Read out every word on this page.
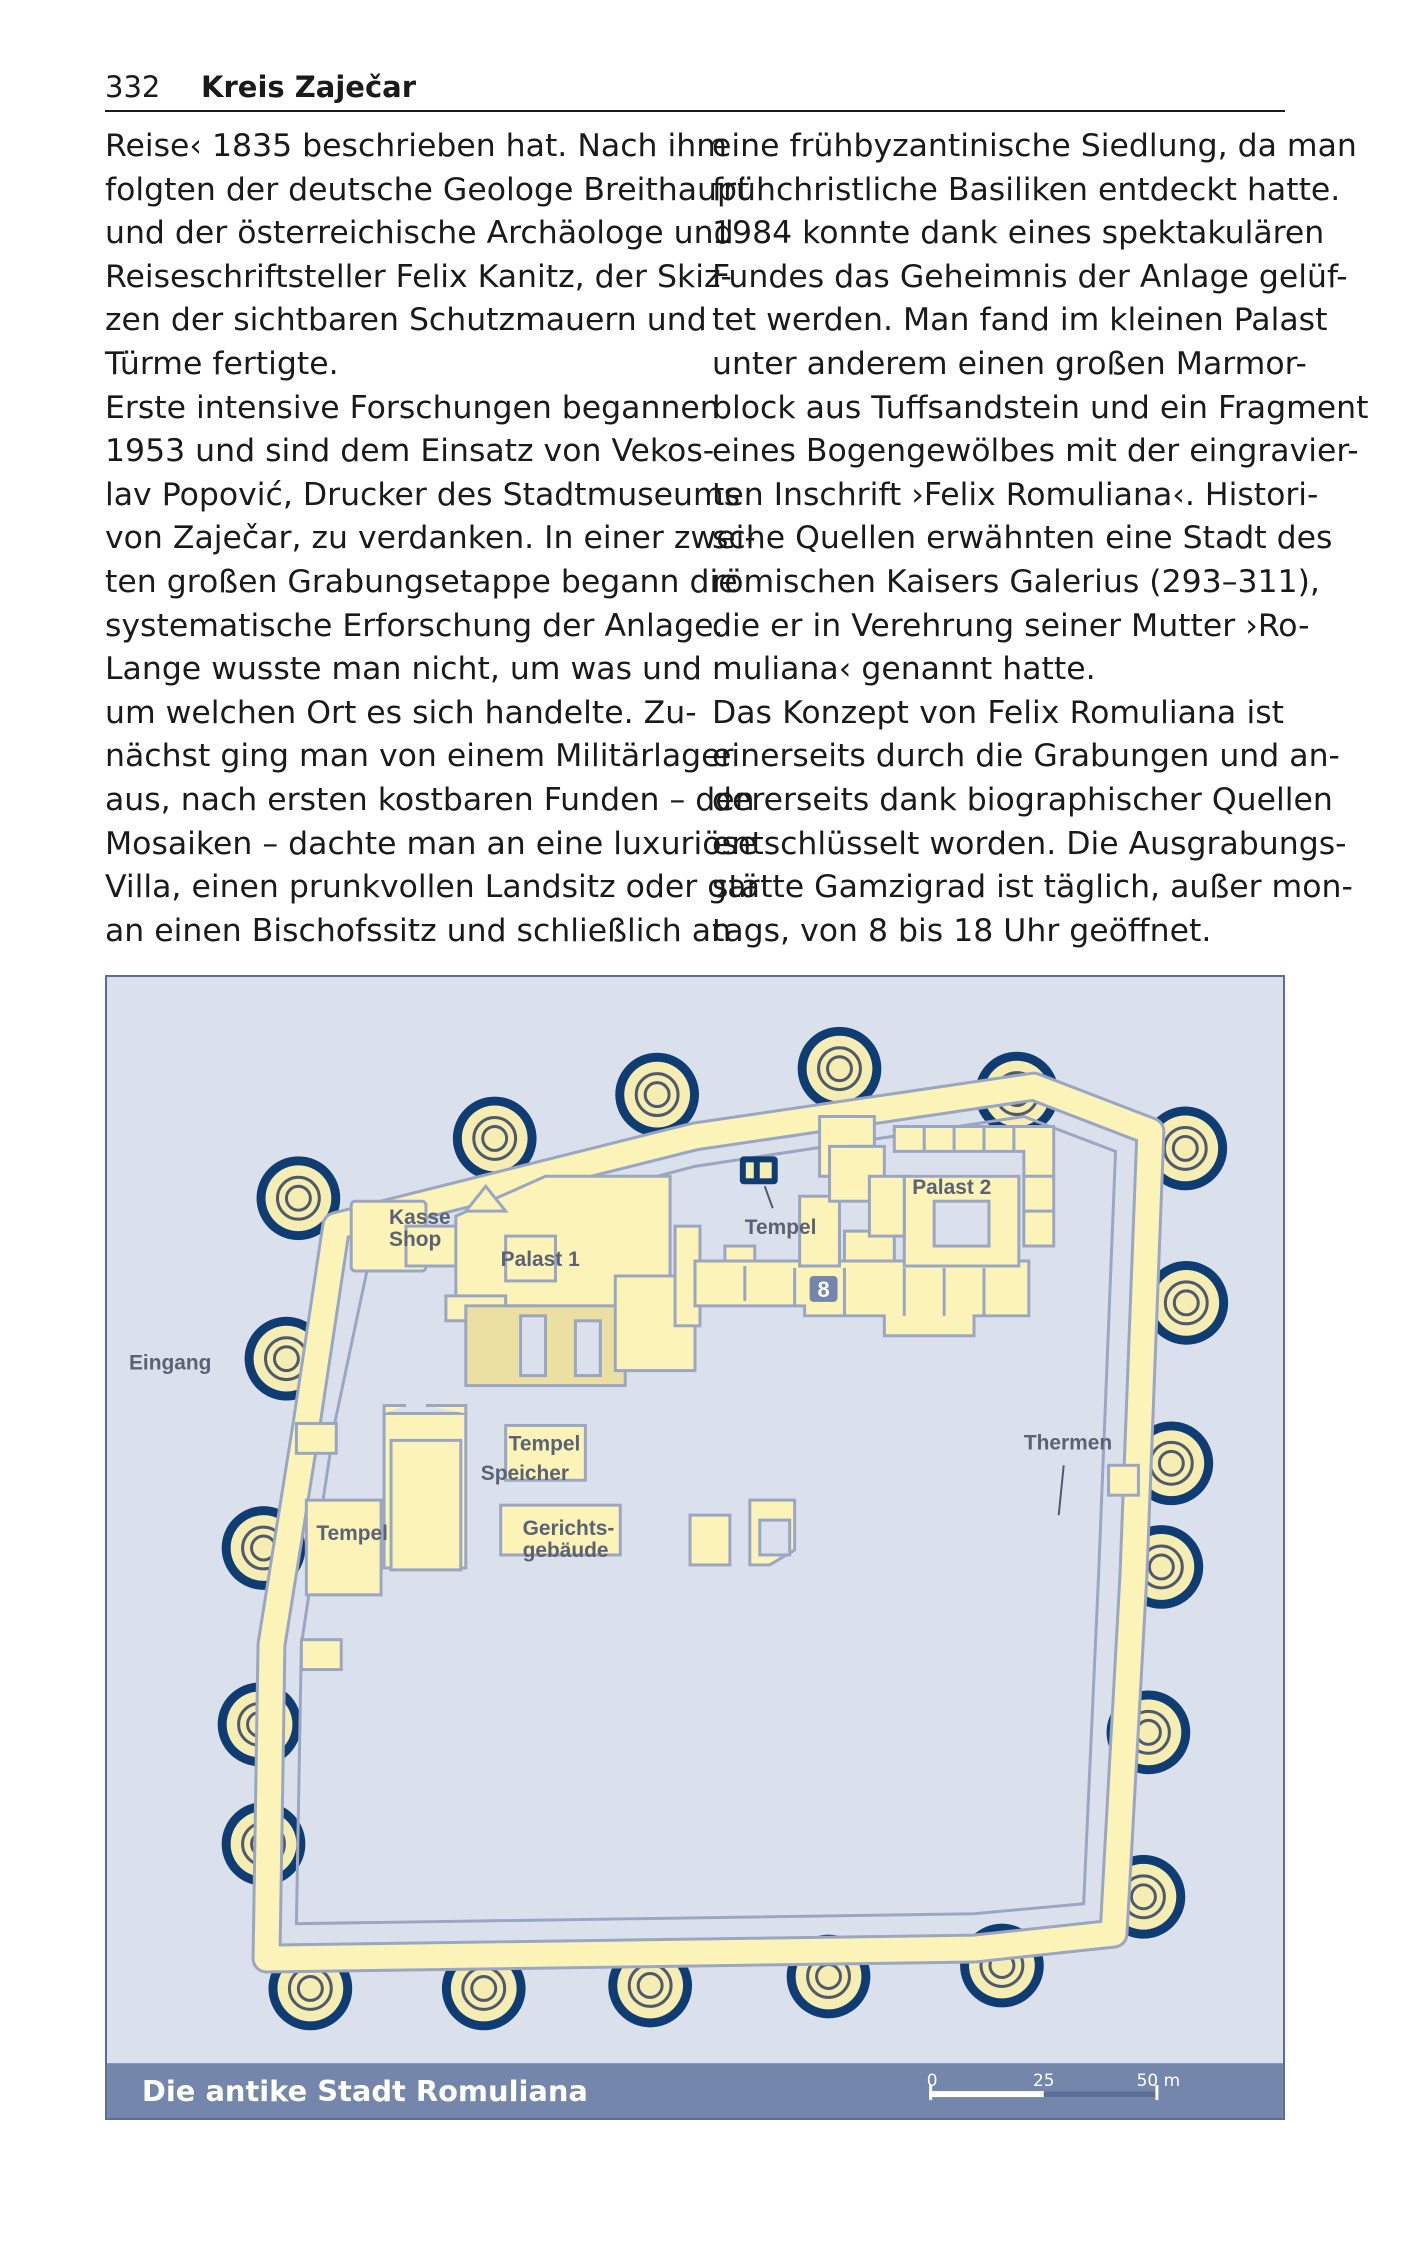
332 Kreis Zaječar
Reise‹ 1835 beschrieben hat. Nach ihm
folgten der deutsche Geologe Breithaupt
und der österreichische Archäologe und
Reiseschriftsteller Felix Kanitz, der Skiz-
zen der sichtbaren Schutzmauern und
Türme fertigte.
Erste intensive Forschungen begannen
1953 und sind dem Einsatz von Vekos-
lav Popović, Drucker des Stadtmuseums
von Zaječar, zu verdanken. In einer zwei-
ten großen Grabungsetappe begann die
systematische Erforschung der Anlage.
Lange wusste man nicht, um was und
um welchen Ort es sich handelte. Zu-
nächst ging man von einem Militärlager
aus, nach ersten kostbaren Funden – den
Mosaiken – dachte man an eine luxuriöse
Villa, einen prunkvollen Landsitz oder gar
an einen Bischofssitz und schließlich an
eine frühbyzantinische Siedlung, da man
frühchristliche Basiliken entdeckt hatte.
1984 konnte dank eines spektakulären
Fundes das Geheimnis der Anlage gelüf-
tet werden. Man fand im kleinen Palast
unter anderem einen großen Marmor-
block aus Tuffsandstein und ein Fragment
eines Bogengewölbes mit der eingravier-
ten Inschrift ›Felix Romuliana‹. Histori-
sche Quellen erwähnten eine Stadt des
römischen Kaisers Galerius (293–311),
die er in Verehrung seiner Mutter ›Ro-
muliana‹ genannt hatte.
Das Konzept von Felix Romuliana ist
einerseits durch die Grabungen und an-
dererseits dank biographischer Quellen
entschlüsselt worden. Die Ausgrabungs-
stätte Gamzigrad ist täglich, außer mon-
tags, von 8 bis 18 Uhr geöffnet.
8
Kasse
Shop
Palast 1
Palast 2
Tempel
Eingang
Speicher
Tempel
Tempel	Gerichts-
gebäude
Thermen
Die antike Stadt Romuliana	0	25	50 m
